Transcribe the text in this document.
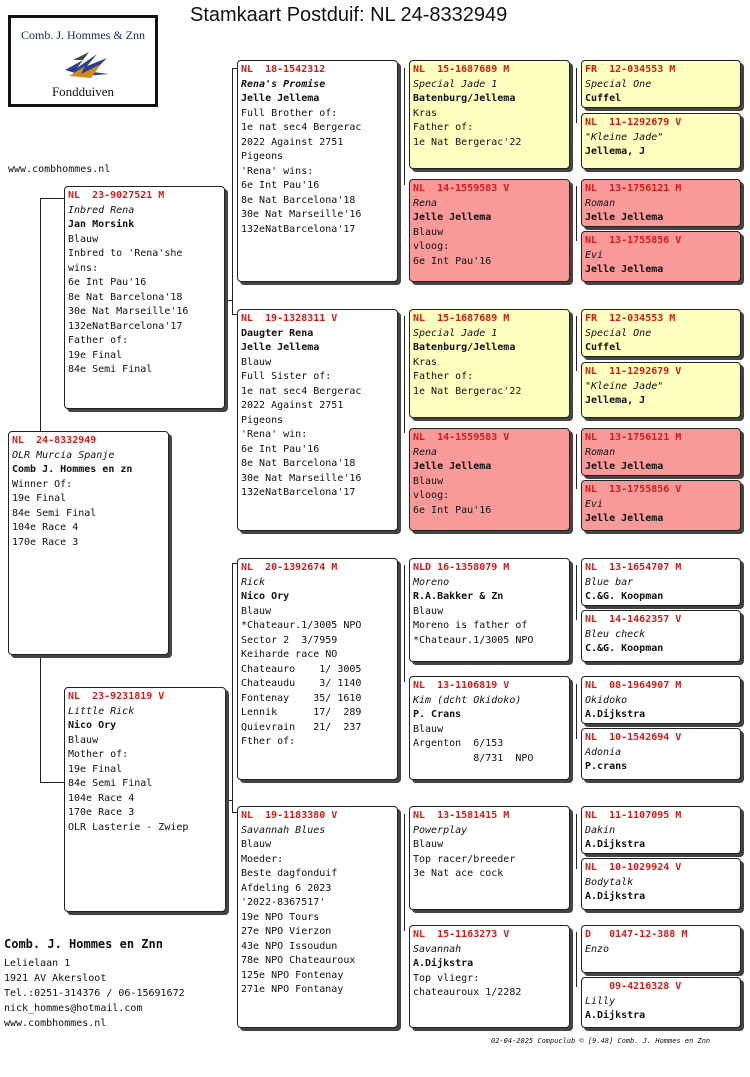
Stamkaart Postduif: NL 24-8332949
Comb. J. Hommes & Znn
Fondduiven
www.combhommes.nl
NL  24-8332949
OLR Murcia Spanje
Comb J. Hommes en zn
Winner Of:
19e Final
84e Semi Final
104e Race 4
170e Race 3
NL  23-9027521 M
Inbred Rena
Jan Morsink
Blauw
Inbred to 'Rena'she
wins:
6e Int Pau'16
8e Nat Barcelona'18
30e Nat Marseille'16
132eNatBarcelona'17
Father of:
19e Final
84e Semi Final
NL  23-9231819 V
Little Rick
Nico Ory
Blauw
Mother of:
19e Final
84e Semi Final
104e Race 4
170e Race 3
OLR Lasterie - Zwiep
NL  18-1542312
Rena's Promise
Jelle Jellema
Full Brother of:
1e nat sec4 Bergerac
2022 Against 2751
Pigeons
'Rena' wins:
6e Int Pau'16
8e Nat Barcelona'18
30e Nat Marseille'16
132eNatBarcelona'17
NL  19-1328311 V
Daugter Rena
Jelle Jellema
Blauw
Full Sister of:
1e nat sec4 Bergerac
2022 Against 2751
Pigeons
'Rena' win:
6e Int Pau'16
8e Nat Barcelona'18
30e Nat Marseille'16
132eNatBarcelona'17
NL  20-1392674 M
Rick
Nico Ory
Blauw
*Chateaur.1/3005 NPO
Sector 2  3/7959
Keiharde race NO
Chateauro    1/ 3005
Chateaudu    3/ 1140
Fontenay    35/ 1610
Lennik      17/  289
Quievrain   21/  237
Fther of:
NL  19-1183380 V
Savannah Blues
Blauw
Moeder:
Beste dagfonduif
Afdeling 6 2023
'2022-8367517'
19e NPO Tours
27e NPO Vierzon
43e NPO Issoudun
78e NPO Chateauroux
125e NPO Fontenay
271e NPO Fontanay
NL  15-1687689 M
Special Jade 1
Batenburg/Jellema
Kras
Father of:
1e Nat Bergerac'22
NL  14-1559583 V
Rena
Jelle Jellema
Blauw
vloog:
6e Int Pau'16
NL  15-1687689 M
Special Jade 1
Batenburg/Jellema
Kras
Father of:
1e Nat Bergerac'22
NL  14-1559583 V
Rena
Jelle Jellema
Blauw
vloog:
6e Int Pau'16
NLD 16-1358079 M
Moreno
R.A.Bakker & Zn
Blauw
Moreno is father of
*Chateaur.1/3005 NPO
NL  13-1106819 V
Kim (dcht Okidoko)
P. Crans
Blauw
Argenton  6/153
8/731  NPO
NL  13-1581415 M
Powerplay
Blauw
Top racer/breeder
3e Nat ace cock
NL  15-1163273 V
Savannah
A.Dijkstra
Top vliegr:
chateauroux 1/2282
FR  12-034553 M
Special One
Cuffel
NL  11-1292679 V
"Kleine Jade"
Jellema, J
NL  13-1756121 M
Roman
Jelle Jellema
NL  13-1755856 V
Evi
Jelle Jellema
FR  12-034553 M
Special One
Cuffel
NL  11-1292679 V
"Kleine Jade"
Jellema, J
NL  13-1756121 M
Roman
Jelle Jellema
NL  13-1755856 V
Evi
Jelle Jellema
NL  13-1654707 M
Blue bar
C.&G. Koopman
NL  14-1462357 V
Bleu check
C.&G. Koopman
NL  08-1964907 M
Okidoko
A.Dijkstra
NL  10-1542694 V
Adonia
P.crans
NL  11-1107095 M
Dakin
A.Dijkstra
NL  10-1029924 V
Bodytalk
A.Dijkstra
D   0147-12-388 M
Enzo
09-4216328 V
Lilly
A.Dijkstra
Comb. J. Hommes en Znn
Lelielaan 1
1921 AV Akersloot
Tel.:0251-314376 / 06-15691672
nick_hommes@hotmail.com
www.combhommes.nl
02-04-2025 Compuclub © [9.48] Comb. J. Hommes en Znn
